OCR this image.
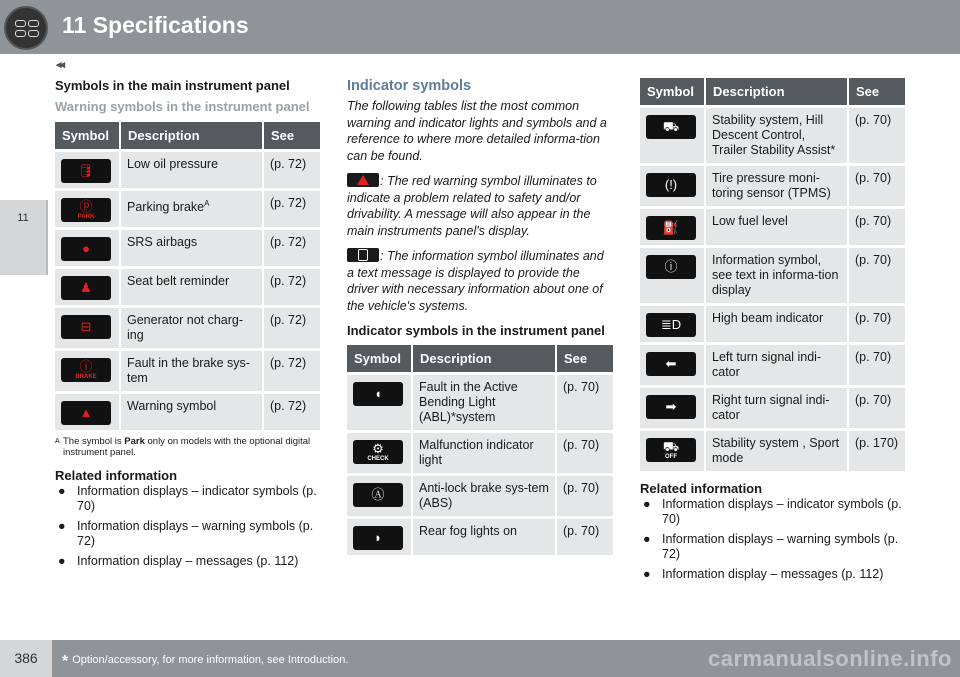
11 Specifications
◂◂
11
Symbols in the main instrument panel
Warning symbols in the instrument panel
Symbol	Description	See

🛢	Low oil pressure	(p. 72)

ⓟ
PARK	Parking brake$^A$	(p. 72)

●	SRS airbags	(p. 72)

♟	Seat belt reminder	(p. 72)

⊟	Generator not charg-ing	(p. 72)

ⓘ
BRAKE	Fault in the brake sys-tem	(p. 72)

▲	Warning symbol	(p. 72)
A The symbol is Park only on models with the optional digital instrument panel.
Related information
● Information displays – indicator symbols (p. 70)
● Information displays – warning symbols (p. 72)
● Information display – messages (p. 112)
Indicator symbols

The following tables list the most common warning and indicator lights and symbols and a reference to where more detailed informa-tion can be found.

: The red warning symbol illuminates to indicate a problem related to safety and/or drivability. A message will also appear in the main instruments panel's display.

: The information symbol illuminates and a text message is displayed to provide the driver with necessary information about one of the vehicle's systems.

Indicator symbols in the instrument panel
Symbol	Description	See

◖	Fault in the Active Bending Light (ABL)*system	(p. 70)

⚙
CHECK	Malfunction indicator light	(p. 70)

Ⓐ	Anti-lock brake sys-tem (ABS)	(p. 70)

◗	Rear fog lights on	(p. 70)
Symbol	Description	See

⛟	Stability system, Hill Descent Control, Trailer Stability Assist*	(p. 70)

(!)	Tire pressure moni-toring sensor (TPMS)	(p. 70)

⛽	Low fuel level	(p. 70)

ⓘ	Information symbol, see text in informa-tion display	(p. 70)

≣D	High beam indicator	(p. 70)

⬅	Left turn signal indi-cator	(p. 70)

➡	Right turn signal indi-cator	(p. 70)

⛟
OFF	Stability system , Sport mode	(p. 170)
Related information
● Information displays – indicator symbols (p. 70)
● Information displays – warning symbols (p. 72)
● Information display – messages (p. 112)
386	* Option/accessory, for more information, see Introduction.	carmanualsonline.info
